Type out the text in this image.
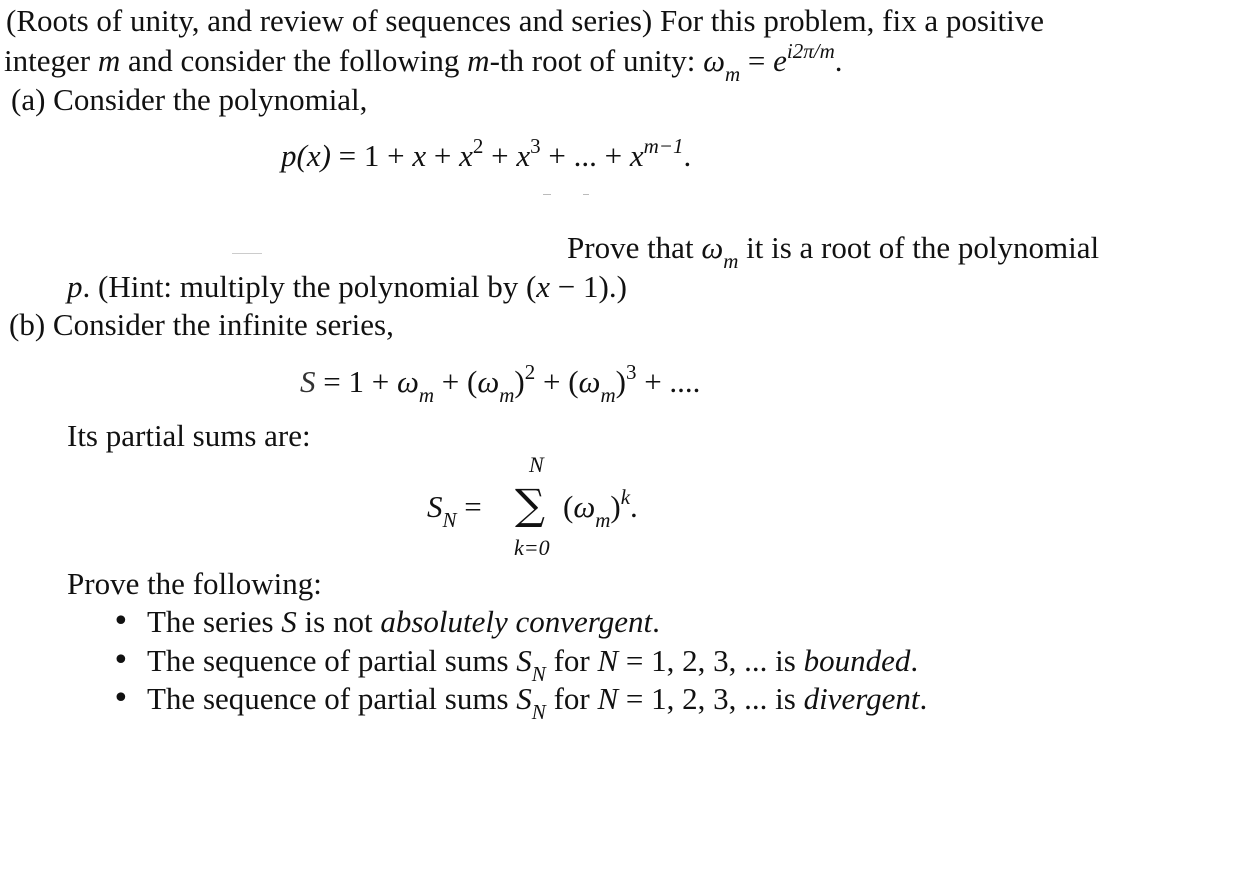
(Roots of unity, and review of sequences and series) For this problem, fix a positive
integer m and consider the following m-th root of unity: $\omega_m = e^{i2\pi/m}$.
(a) Consider the polynomial,
$p(x) = 1 + x + x^2 + x^3$ + ... + $x^{m-1}$.
Prove that $\omega_m$ it is a root of the polynomial
p. (Hint: multiply the polynomial by (x − 1).)
(b) Consider the infinite series,
$S = 1 + \omega_m + (\omega_m)^2 + (\omega_m)^3$ + ....
Its partial sums are:
$S_N$ =
N
∑
k=0
$(\omega_m)^k$.
Prove the following:
• The series S is not absolutely convergent.
• The sequence of partial sums $S_N$ for N = 1, 2, 3, ... is bounded.
• The sequence of partial sums $S_N$ for N = 1, 2, 3, ... is divergent.
